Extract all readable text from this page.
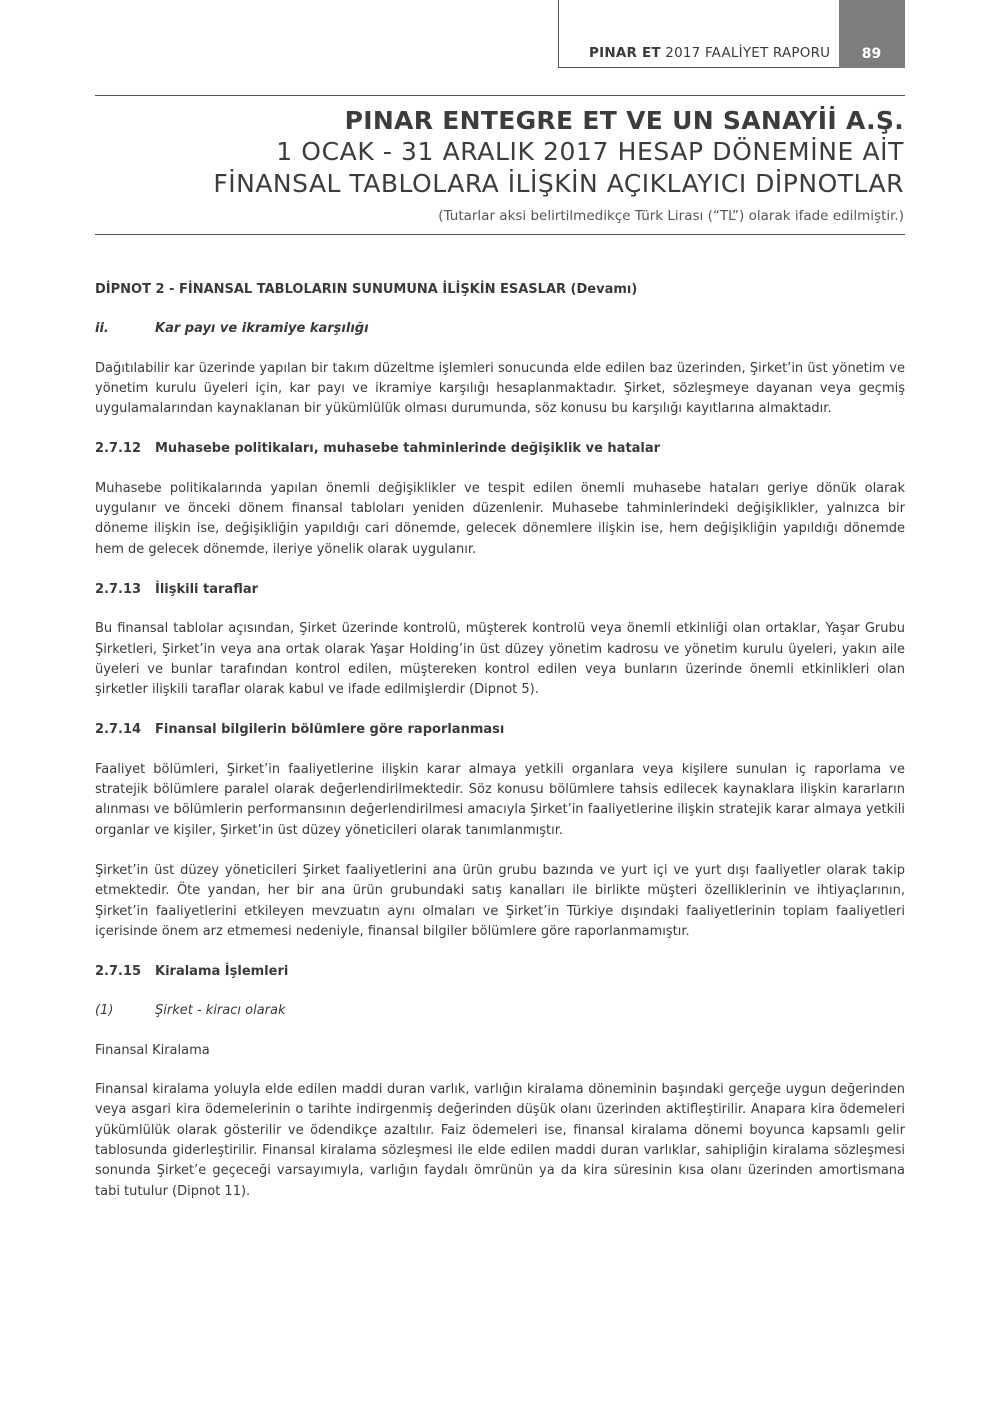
PINAR ET 2017 FAALİYET RAPORU	89
PINAR ENTEGRE ET VE UN SANAYİİ A.Ş.
1 OCAK - 31 ARALIK 2017 HESAP DÖNEMİNE AİT
FİNANSAL TABLOLARA İLİŞKİN AÇIKLAYICI DİPNOTLAR
(Tutarlar aksi belirtilmedikçe Türk Lirası (“TL”) olarak ifade edilmiştir.)
DİPNOT 2 - FİNANSAL TABLOLARIN SUNUMUNA İLİŞKİN ESASLAR (Devamı)
ii.	Kar payı ve ikramiye karşılığı

Dağıtılabilir kar üzerinde yapılan bir takım düzeltme işlemleri sonucunda elde edilen baz üzerinden, Şirket’in üst yönetim ve yönetim kurulu üyeleri için, kar payı ve ikramiye karşılığı hesaplanmaktadır. Şirket, sözleşmeye dayanan veya geçmiş uygulamalarından kaynaklanan bir yükümlülük olması durumunda, söz konusu bu karşılığı kayıtlarına almaktadır.

2.7.12	Muhasebe politikaları, muhasebe tahminlerinde değişiklik ve hatalar

Muhasebe politikalarında yapılan önemli değişiklikler ve tespit edilen önemli muhasebe hataları geriye dönük olarak uygulanır ve önceki dönem finansal tabloları yeniden düzenlenir. Muhasebe tahminlerindeki değişiklikler, yalnızca bir döneme ilişkin ise, değişikliğin yapıldığı cari dönemde, gelecek dönemlere ilişkin ise, hem değişikliğin yapıldığı dönemde hem de gelecek dönemde, ileriye yönelik olarak uygulanır.

2.7.13	İlişkili taraflar

Bu finansal tablolar açısından, Şirket üzerinde kontrolü, müşterek kontrolü veya önemli etkinliği olan ortaklar, Yaşar Grubu Şirketleri, Şirket’in veya ana ortak olarak Yaşar Holding’in üst düzey yönetim kadrosu ve yönetim kurulu üyeleri, yakın aile üyeleri ve bunlar tarafından kontrol edilen, müştereken kontrol edilen veya bunların üzerinde önemli etkinlikleri olan şirketler ilişkili taraflar olarak kabul ve ifade edilmişlerdir (Dipnot 5).

2.7.14	Finansal bilgilerin bölümlere göre raporlanması

Faaliyet bölümleri, Şirket’in faaliyetlerine ilişkin karar almaya yetkili organlara veya kişilere sunulan iç raporlama ve stratejik bölümlere paralel olarak değerlendirilmektedir. Söz konusu bölümlere tahsis edilecek kaynaklara ilişkin kararların alınması ve bölümlerin performansının değerlendirilmesi amacıyla Şirket’in faaliyetlerine ilişkin stratejik karar almaya yetkili organlar ve kişiler, Şirket’in üst düzey yöneticileri olarak tanımlanmıştır.

Şirket’in üst düzey yöneticileri Şirket faaliyetlerini ana ürün grubu bazında ve yurt içi ve yurt dışı faaliyetler olarak takip etmektedir. Öte yandan, her bir ana ürün grubundaki satış kanalları ile birlikte müşteri özelliklerinin ve ihtiyaçlarının, Şirket’in faaliyetlerini etkileyen mevzuatın aynı olmaları ve Şirket’in Türkiye dışındaki faaliyetlerinin toplam faaliyetleri içerisinde önem arz etmemesi nedeniyle, finansal bilgiler bölümlere göre raporlanmamıştır.

2.7.15	Kiralama İşlemleri
(1)	Şirket - kiracı olarak

Finansal Kiralama

Finansal kiralama yoluyla elde edilen maddi duran varlık, varlığın kiralama döneminin başındaki gerçeğe uygun değerinden veya asgari kira ödemelerinin o tarihte indirgenmiş değerinden düşük olanı üzerinden aktifleştirilir. Anapara kira ödemeleri yükümlülük olarak gösterilir ve ödendikçe azaltılır. Faiz ödemeleri ise, finansal kiralama dönemi boyunca kapsamlı gelir tablosunda giderleştirilir. Finansal kiralama sözleşmesi ile elde edilen maddi duran varlıklar, sahipliğin kiralama sözleşmesi sonunda Şirket’e geçeceği varsayımıyla, varlığın faydalı ömrünün ya da kira süresinin kısa olanı üzerinden amortismana tabi tutulur (Dipnot 11).
